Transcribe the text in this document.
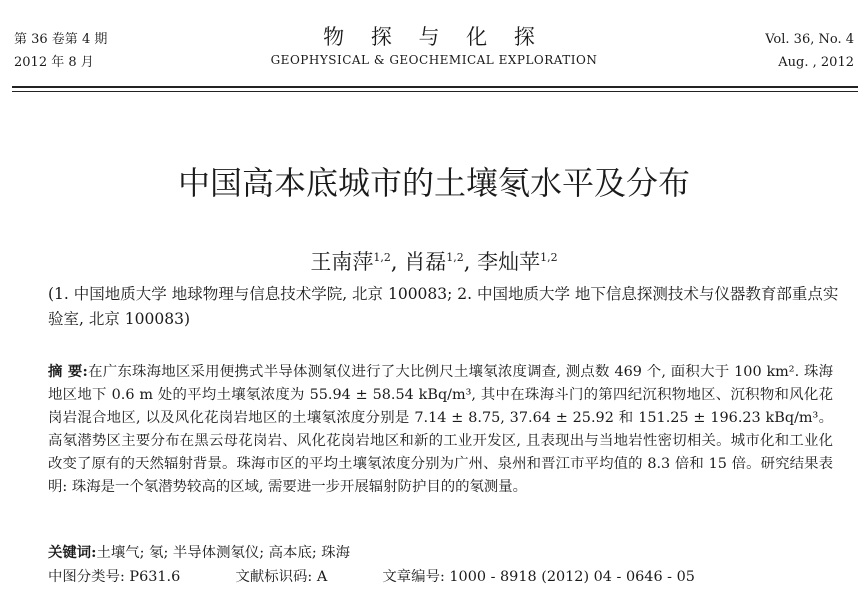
第 36 卷第 4 期
2012 年 8 月
物 探 与 化 探
GEOPHYSICAL & GEOCHEMICAL EXPLORATION
Vol. 36, No. 4
Aug. , 2012
中国高本底城市的土壤氡水平及分布
王南萍$^{1,2}$, 肖磊$^{1,2}$, 李灿苹$^{1,2}$
(1. 中国地质大学 地球物理与信息技术学院, 北京 100083; 2. 中国地质大学 地下信息探测技术与仪器教育部重点实验室, 北京 100083)
摘 要:在广东珠海地区采用便携式半导体测氡仪进行了大比例尺土壤氡浓度调查, 测点数 469 个, 面积大于 100 km². 珠海地区地下 0.6 m 处的平均土壤氡浓度为 55.94 ± 58.54 kBq/m³, 其中在珠海斗门的第四纪沉积物地区、沉积物和风化花岗岩混合地区, 以及风化花岗岩地区的土壤氡浓度分别是 7.14 ± 8.75, 37.64 ± 25.92 和 151.25 ± 196.23 kBq/m³。高氡潜势区主要分布在黑云母花岗岩、风化花岗岩地区和新的工业开发区, 且表现出与当地岩性密切相关。城市化和工业化改变了原有的天然辐射背景。珠海市区的平均土壤氡浓度分别为广州、泉州和晋江市平均值的 8.3 倍和 15 倍。研究结果表明: 珠海是一个氡潜势较高的区域, 需要进一步开展辐射防护目的的氡测量。
关键词:土壤气; 氡; 半导体测氡仪; 高本底; 珠海
中图分类号: P631.6	文献标识码: A	文章编号: 1000 - 8918 (2012) 04 - 0646 - 05
